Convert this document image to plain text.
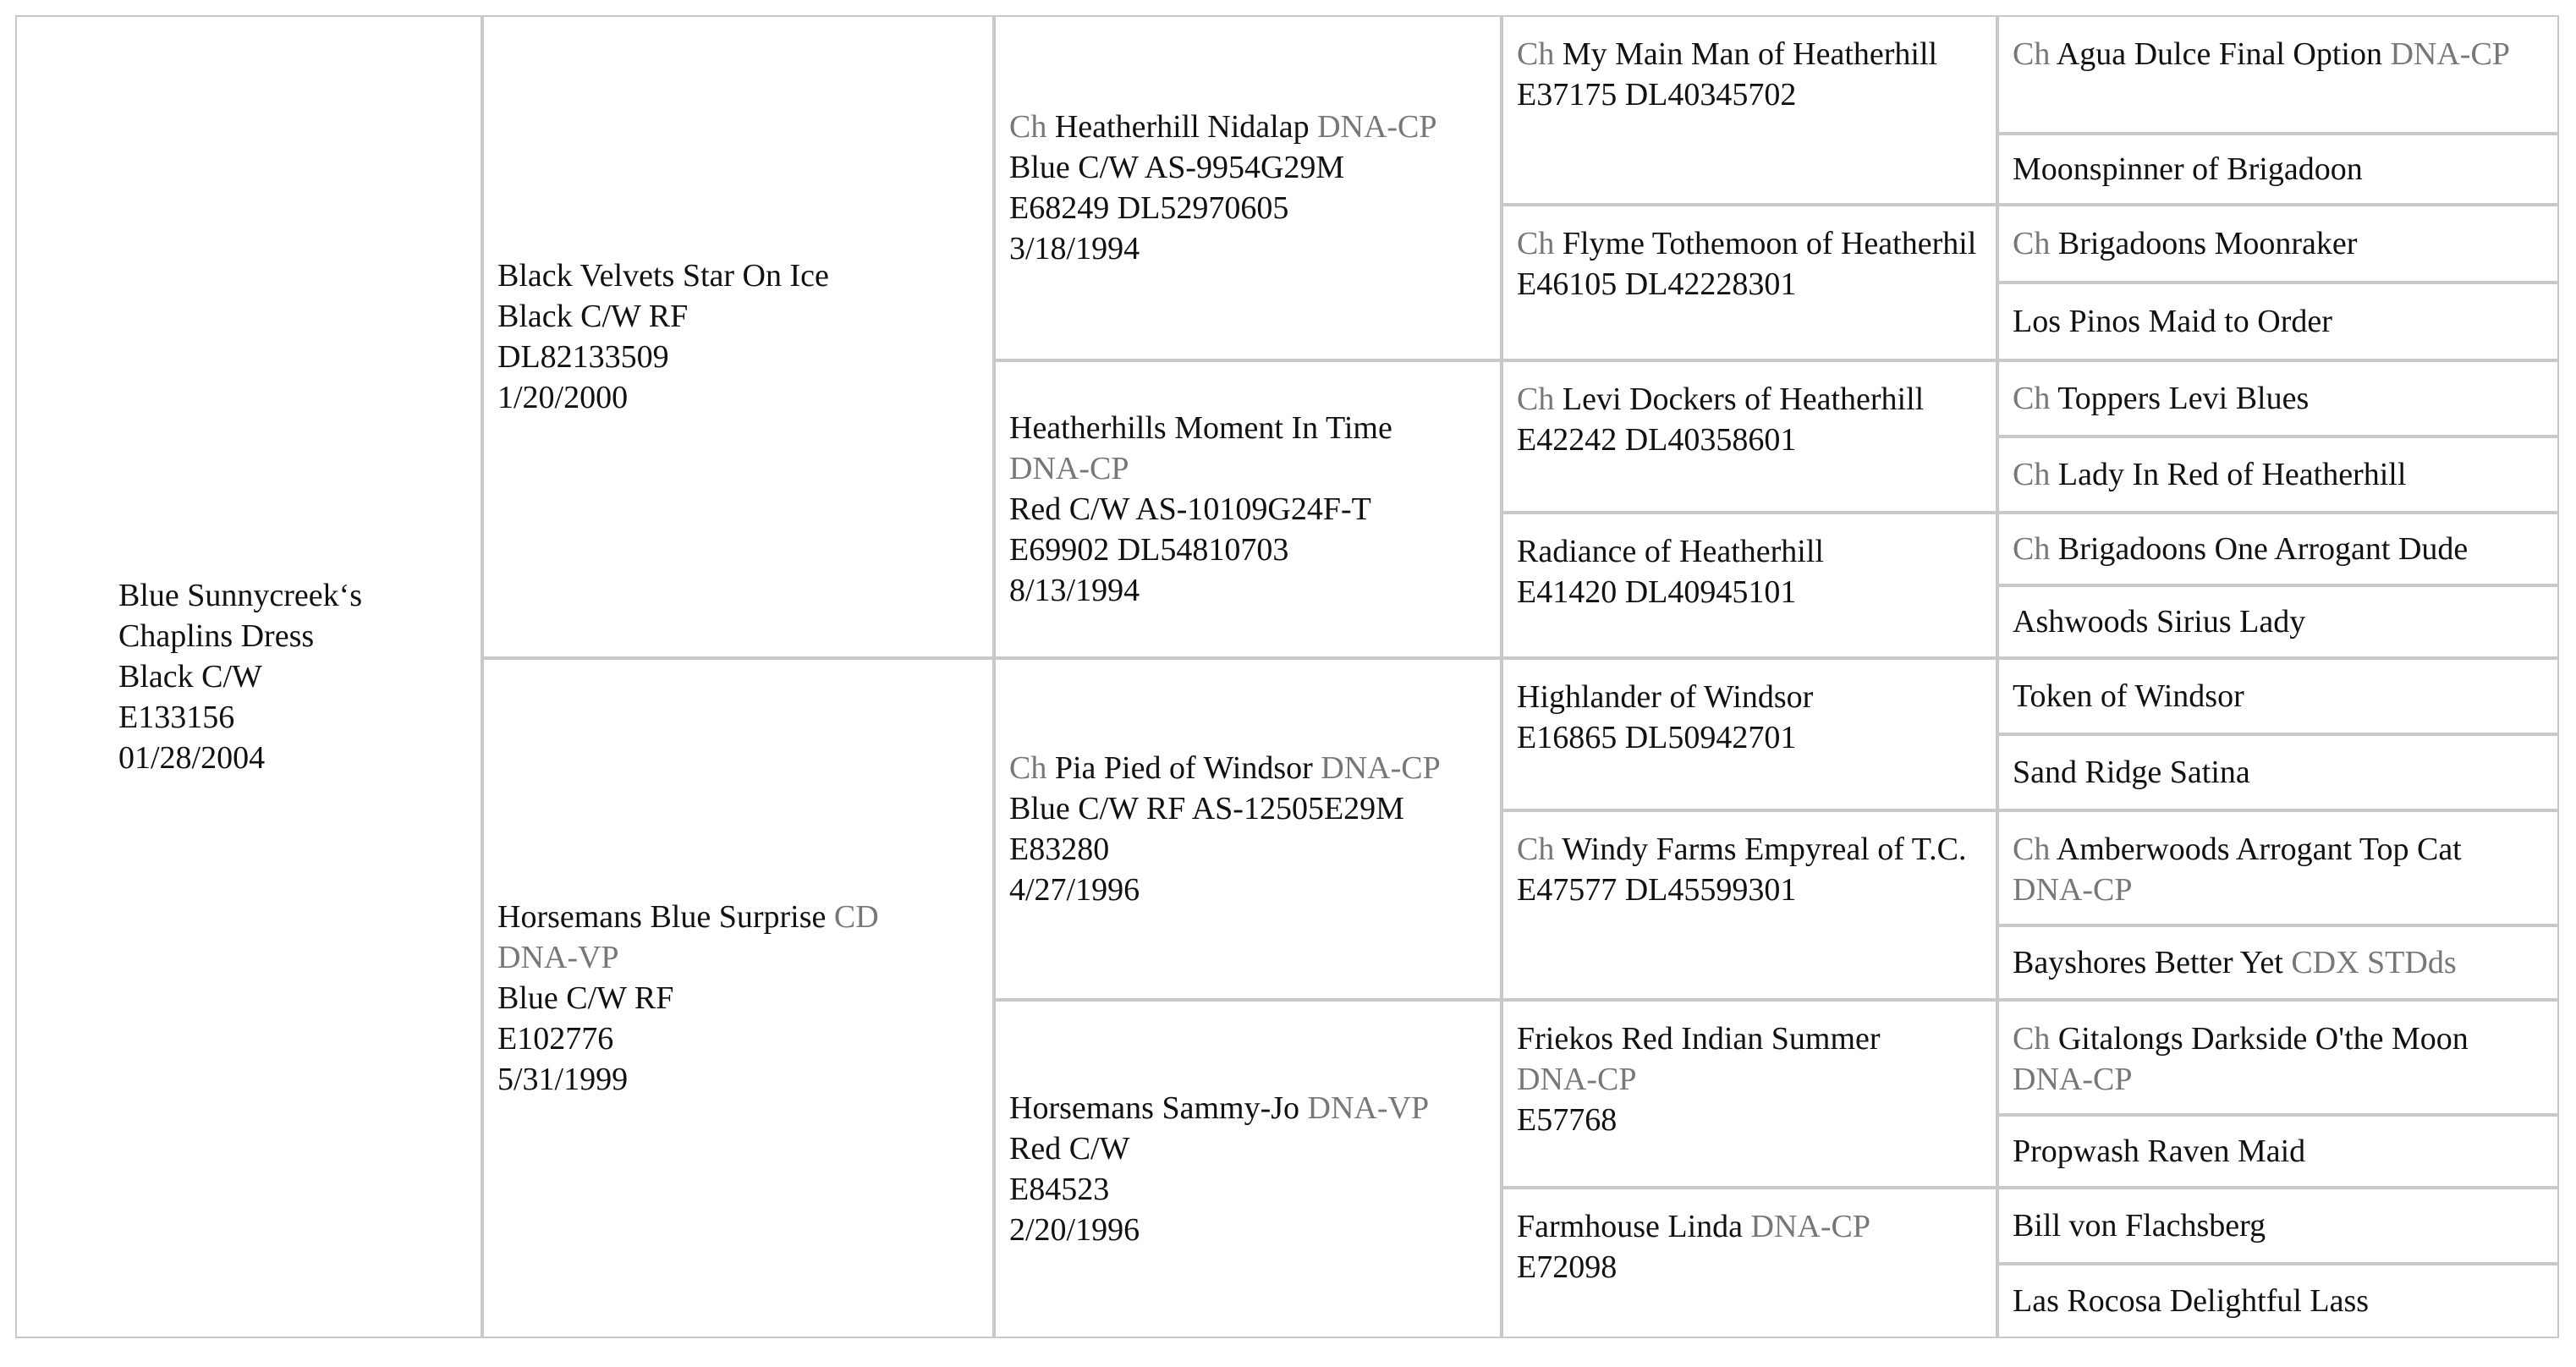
Blue Sunnycreek‘s
Chaplins Dress
Black C/W
E133156
01/28/2004
Black Velvets Star On Ice
Black C/W RF
DL82133509
1/20/2000
Horsemans Blue Surprise CD
DNA-VP
Blue C/W RF
E102776
5/31/1999
Ch Heatherhill Nidalap DNA-CP
Blue C/W AS-9954G29M
E68249 DL52970605
3/18/1994
Heatherhills Moment In Time
DNA-CP
Red C/W AS-10109G24F-T
E69902 DL54810703
8/13/1994
Ch Pia Pied of Windsor DNA-CP
Blue C/W RF AS-12505E29M
E83280
4/27/1996
Horsemans Sammy-Jo DNA-VP
Red C/W
E84523
2/20/1996
Ch My Main Man of Heatherhill
E37175 DL40345702
Ch Flyme Tothemoon of Heatherhil
E46105 DL42228301
Ch Levi Dockers of Heatherhill
E42242 DL40358601
Radiance of Heatherhill
E41420 DL40945101
Highlander of Windsor
E16865 DL50942701
Ch Windy Farms Empyreal of T.C.
E47577 DL45599301
Friekos Red Indian Summer
DNA-CP
E57768
Farmhouse Linda DNA-CP
E72098
Ch Agua Dulce Final Option DNA-CP
Moonspinner of Brigadoon
Ch Brigadoons Moonraker
Los Pinos Maid to Order
Ch Toppers Levi Blues
Ch Lady In Red of Heatherhill
Ch Brigadoons One Arrogant Dude
Ashwoods Sirius Lady
Token of Windsor
Sand Ridge Satina
Ch Amberwoods Arrogant Top Cat
DNA-CP
Bayshores Better Yet CDX STDds
Ch Gitalongs Darkside O'the Moon
DNA-CP
Propwash Raven Maid
Bill von Flachsberg
Las Rocosa Delightful Lass
